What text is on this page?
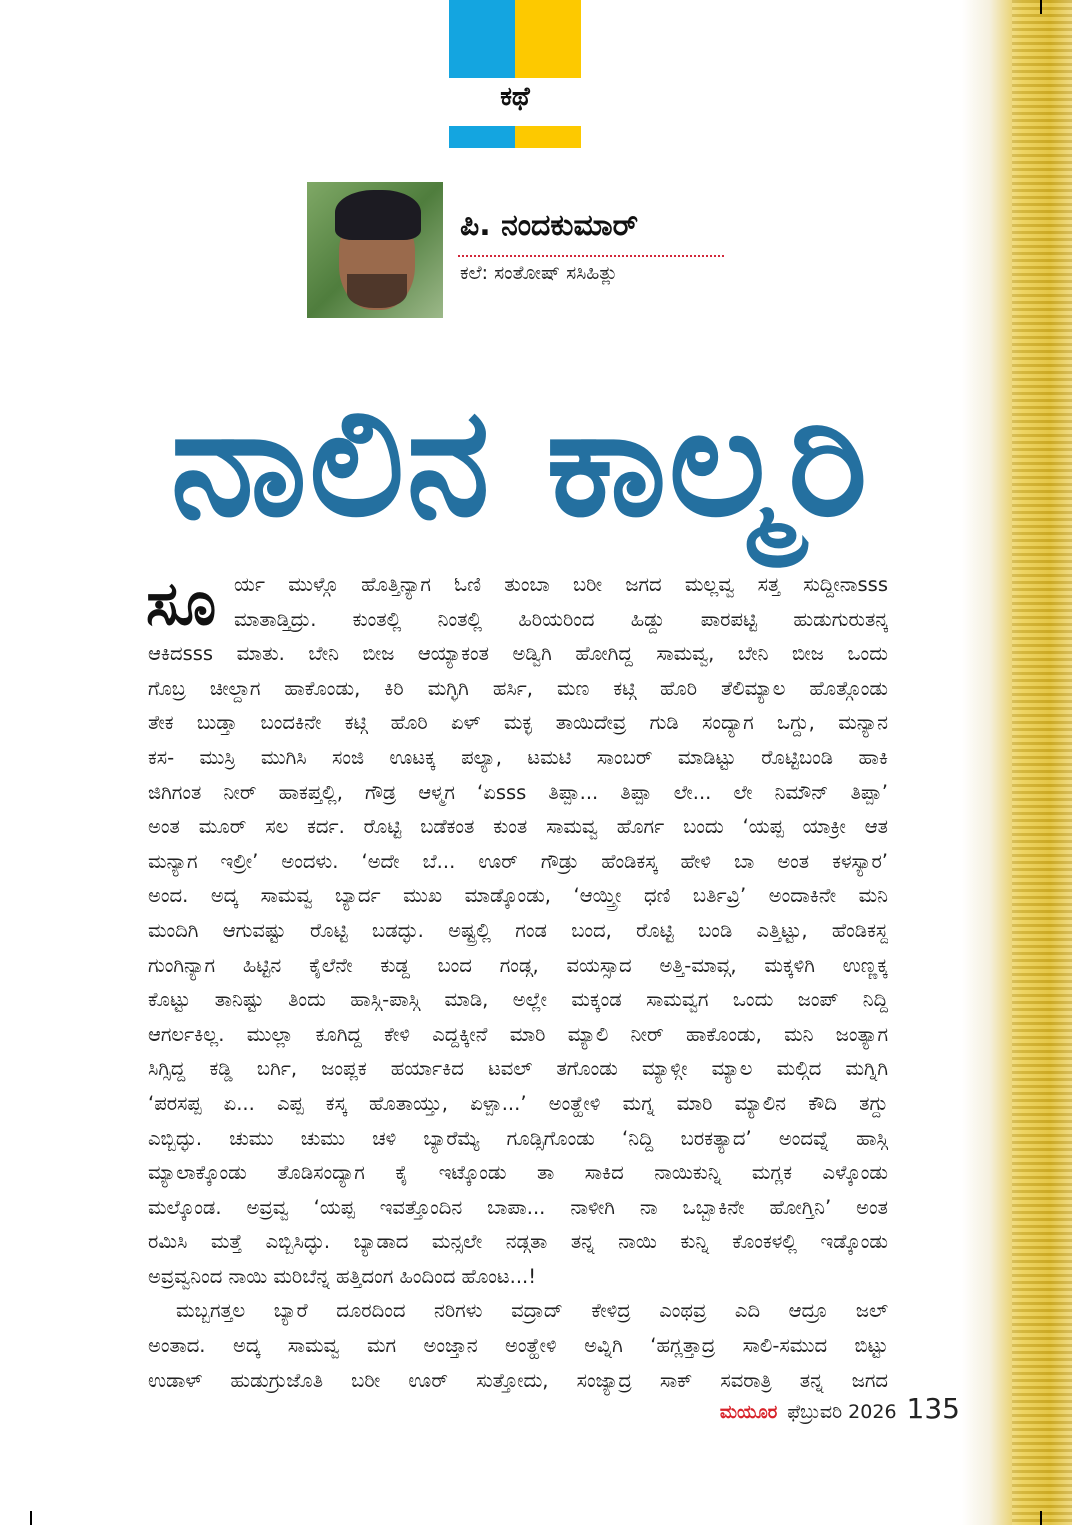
ಕಥೆ
ಪಿ. ನಂದಕುಮಾರ್
ಕಲೆ: ಸಂತೋಷ್ ಸಸಿಹಿತ್ಲು
ನಾಲಿನ ಕಾಲ್ಮರಿ
ಸೂ ರ್ಯ ಮುಳ್ಗೊ ಹೊತ್ತಿನ್ಯಾಗ ಓಣಿ ತುಂಬಾ ಬರೀ ಜಗದ ಮಲ್ಲವ್ವ ಸತ್ತ ಸುದ್ದೀನಾsss
ಮಾತಾಡ್ತಿದ್ರು. ಕುಂತಲ್ಲಿ ನಿಂತಲ್ಲಿ ಹಿರಿಯರಿಂದ ಹಿಡ್ದು ಪಾರಪಟ್ಟಿ ಹುಡುಗುರುತನ್ಕ
ಆಕಿದsss ಮಾತು. ಬೇನಿ ಬೀಜ ಆಯ್ಯಾಕಂತ ಅಡ್ವಿಗಿ ಹೋಗಿದ್ದ ಸಾಮವ್ವ, ಬೇನಿ ಬೀಜ ಒಂದು
ಗೊಬ್ರ ಚೀಲ್ದಾಗ ಹಾಕೊಂಡು, ಕಿರಿ ಮಗ್ಳಿಗಿ ಹರ್ಸಿ, ಮಣ ಕಟ್ಗಿ ಹೊರಿ ತೆಲಿಮ್ಯಾಲ ಹೊತ್ಗೊಂಡು
ತೇಕ ಬುಡ್ತಾ ಬಂದಕಿನೇ ಕಟ್ಗಿ ಹೊರಿ ಏಳ್ ಮಕ್ಳ ತಾಯಿದೇವ್ರ ಗುಡಿ ಸಂದ್ಯಾಗ ಒಗ್ದು, ಮನ್ಯಾನ
ಕಸ- ಮುಸ್ರಿ ಮುಗಿಸಿ ಸಂಜಿ ಊಟಕ್ಕ ಪಲ್ಯಾ, ಟಮಟಿ ಸಾಂಬರ್ ಮಾಡಿಟ್ಟು ರೊಟ್ಟಿಬಂಡಿ ಹಾಕಿ
ಜಿಗಿಗಂತ ನೀರ್ ಹಾಕಪ್ತಲ್ಲಿ, ಗೌಡ್ರ ಆಳ್ಮಗ ‘ಏsss ತಿಪ್ಪಾ... ತಿಪ್ಪಾ ಲೇ... ಲೇ ನಿಮೌನ್ ತಿಪ್ಪಾ’
ಅಂತ ಮೂರ್ ಸಲ ಕರ್ದ. ರೊಟ್ಟಿ ಬಡೆಕಂತ ಕುಂತ ಸಾಮವ್ವ ಹೊರ್ಗ ಬಂದು ‘ಯಪ್ಪ ಯಾಕ್ರೀ ಆತ
ಮನ್ಯಾಗ ಇಲ್ರೀ’ ಅಂದಳು. ‘ಅದೇ ಬೆ... ಊರ್ ಗೌಡ್ರು ಹೆಂಡಿಕಸ್ಕ ಹೇಳಿ ಬಾ ಅಂತ ಕಳಸ್ಯಾರ’
ಅಂದ. ಅದ್ಕ ಸಾಮವ್ವ ಬ್ಯಾರ್ದ ಮುಖ ಮಾಡ್ಕೊಂಡು, ‘ಆಯ್ತ್ರೀ ಧಣಿ ಬರ್ತಿವ್ರಿ’ ಅಂದಾಕಿನೇ ಮನಿ
ಮಂದಿಗಿ ಆಗುವಷ್ಟು ರೊಟ್ಟಿ ಬಡದ್ಳು. ಅಷ್ಟ್ರಲ್ಲಿ ಗಂಡ ಬಂದ, ರೊಟ್ಟಿ ಬಂಡಿ ಎತ್ತಿಟ್ಟು, ಹೆಂಡಿಕಸ್ದ
ಗುಂಗಿನ್ಯಾಗ ಹಿಟ್ಟಿನ ಕೈಲೆನೇ ಕುಡ್ದ ಬಂದ ಗಂಡ್ಗ, ವಯಸ್ಸಾದ ಅತ್ತಿ-ಮಾವ್ಗ, ಮಕ್ಕಳಿಗಿ ಉಣ್ಣಕ್ಕ
ಕೊಟ್ಟು ತಾನಿಷ್ಟು ತಿಂದು ಹಾಸ್ಗಿ-ಪಾಸ್ಗಿ ಮಾಡಿ, ಅಲ್ಲೇ ಮಕ್ಕಂಡ ಸಾಮವ್ವಗ ಒಂದು ಜಂಪ್ ನಿದ್ದಿ
ಆಗರ್ಲಕಿಲ್ಲ. ಮುಲ್ಲಾ ಕೂಗಿದ್ದ ಕೇಳಿ ಎದ್ದಕ್ಕೀನೆ ಮಾರಿ ಮ್ಯಾಲಿ ನೀರ್ ಹಾಕೊಂಡು, ಮನಿ ಜಂತ್ಯಾಗ
ಸಿಗ್ಸಿದ್ದ ಕಡ್ಡಿ ಬರ್ಗಿ, ಜಂಪ್ಲಕ ಹರ್ಯಾಕಿದ ಟವಲ್ ತಗೊಂಡು ಮ್ಯಾಳ್ಗೀ ಮ್ಯಾಲ ಮಲ್ಗಿದ ಮಗ್ನಿಗಿ
‘ಪರಸಪ್ಪ ಏ... ಎಪ್ಪ ಕಸ್ಕ ಹೊತಾಯ್ತು, ಏಳ್ಪಾ...’ ಅಂತ್ಹೇಳಿ ಮಗ್ನ ಮಾರಿ ಮ್ಯಾಲಿನ ಕೌದಿ ತಗ್ದು
ಎಬ್ಬಿದ್ಳು. ಚುಮು ಚುಮು ಚಳಿ ಬ್ಯಾರೆಮ್ಯೆ ಗೂಡ್ಸಿಗೊಂಡು ‘ನಿದ್ದಿ ಬರಕತ್ಯಾದ’ ಅಂದವ್ನೆ ಹಾಸ್ಗಿ
ಮ್ಯಾಲಾಕ್ಕೊಂಡು ತೊಡಿಸಂದ್ಯಾಗ ಕೈ ಇಟ್ಕೊಂಡು ತಾ ಸಾಕಿದ ನಾಯಿಕುನ್ನಿ ಮಗ್ಲಕ ಎಳ್ಕೊಂಡು
ಮಲ್ಕೊಂಡ. ಅವ್ರವ್ವ ‘ಯಪ್ಪ ಇವತ್ತೊಂದಿನ ಬಾಪಾ... ನಾಳೀಗಿ ನಾ ಒಬ್ಬಾಕಿನೇ ಹೋಗ್ತಿನಿ’ ಅಂತ
ರಮಿಸಿ ಮತ್ತೆ ಎಬ್ಬಿಸಿದ್ಳು. ಬ್ಯಾಡಾದ ಮನ್ಸಲೇ ನಡ್ಗತಾ ತನ್ನ ನಾಯಿ ಕುನ್ನಿ ಕೊಂಕಳಲ್ಲಿ ಇಡ್ಕೊಂಡು
ಅವ್ರವ್ವನಿಂದ ನಾಯಿ ಮರಿಬೆನ್ನ ಹತ್ತಿದಂಗ ಹಿಂದಿಂದ ಹೊಂಟ...!
ಮಬ್ಬಗತ್ತಲ ಬ್ಯಾರೆ ದೂರದಿಂದ ನರಿಗಳು ವದ್ರಾದ್ ಕೇಳಿದ್ರ ಎಂಥವ್ರ ಎದಿ ಆದ್ರೂ ಜಲ್
ಅಂತಾದ. ಅದ್ಕ ಸಾಮವ್ವ ಮಗ ಅಂಜ್ತಾನ ಅಂತ್ಹೇಳಿ ಅವ್ನಿಗಿ ‘ಹಗ್ಲತ್ತಾದ್ರ ಸಾಲಿ-ಸಮುದ ಬಿಟ್ಟು
ಉಡಾಳ್ ಹುಡುಗ್ರುಜೊತಿ ಬರೀ ಊರ್ ಸುತ್ತೋದು, ಸಂಜ್ಯಾದ್ರ ಸಾಕ್ ಸವರಾತ್ರಿ ತನ್ನ ಜಗದ
ಮಯೂರ ಫೆಬ್ರುವರಿ 2026 135
